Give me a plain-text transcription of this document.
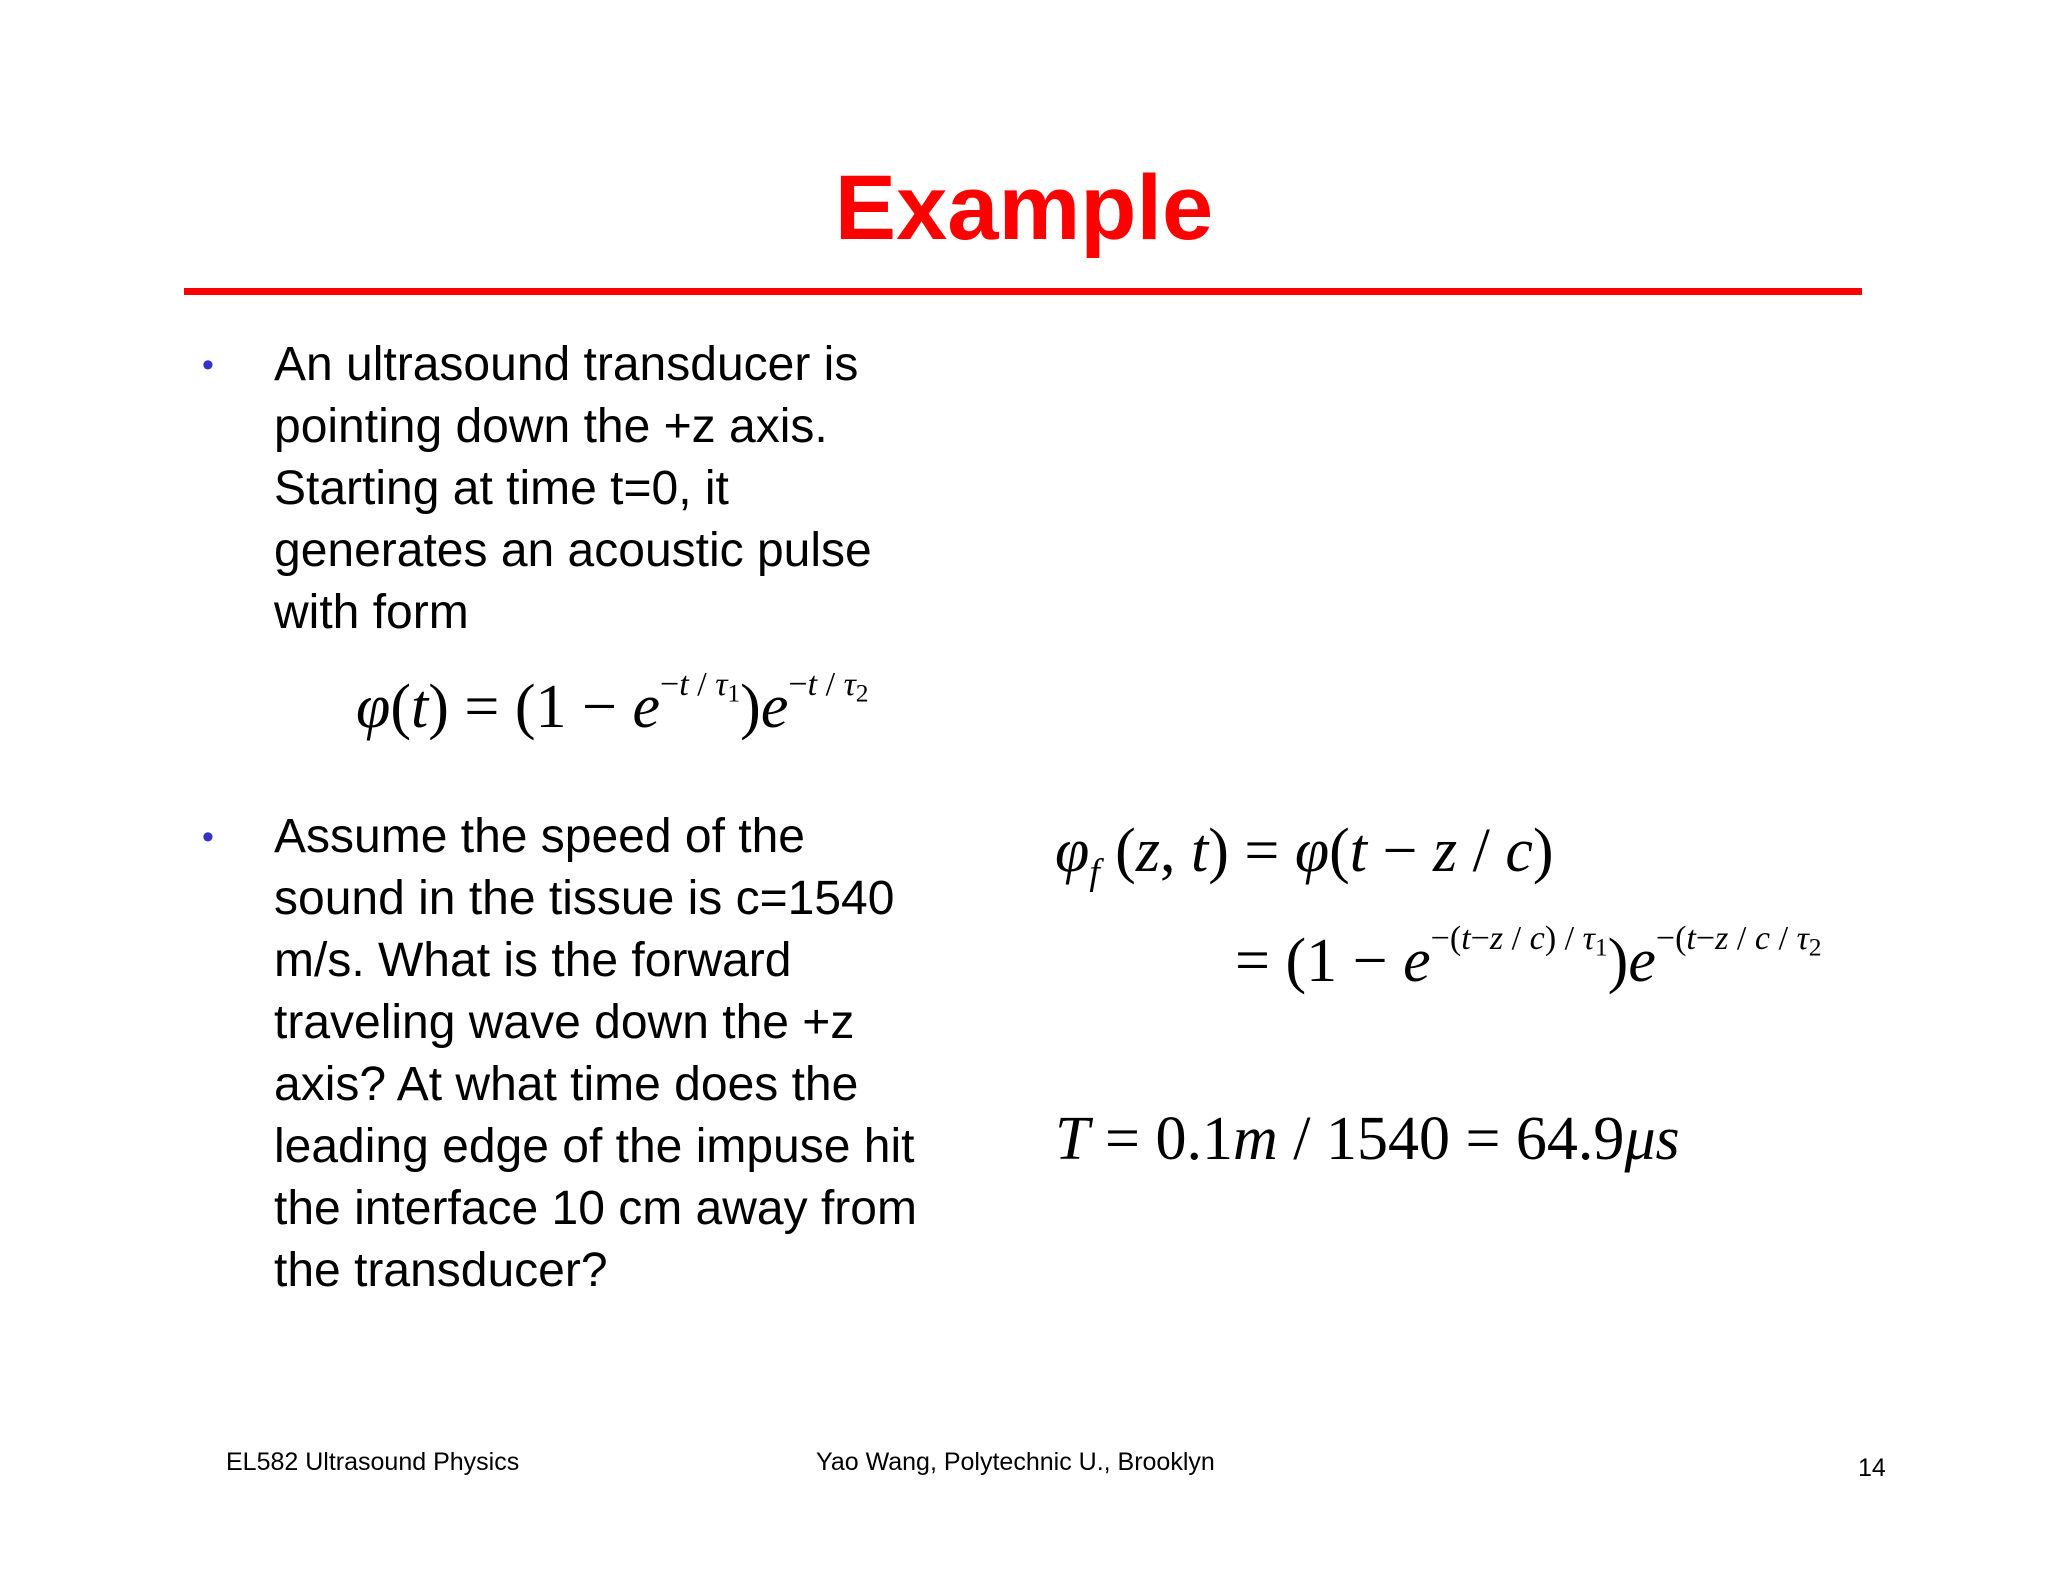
Example
• An ultrasound transducer is
pointing down the +z axis.
Starting at time t=0, it
generates an acoustic pulse
with form

$\varphi(t) = (1 - e^{-t / \tau 1})e^{-t / \tau 2}$
• Assume the speed of the
sound in the tissue is c=1540
m/s. What is the forward
traveling wave down the +z
axis? At what time does the
leading edge of the impuse hit
the interface 10 cm away from
the transducer?

$\varphi_f$ (z, t) = φ(t − z / c)
= $(1 - e^{-(t-z / c) / \tau 1})e^{-(t-z / c / \tau 2}$
T = 0.1m / 1540 = 64.9μs
EL582 Ultrasound Physics	Yao Wang, Polytechnic U., Brooklyn	14
